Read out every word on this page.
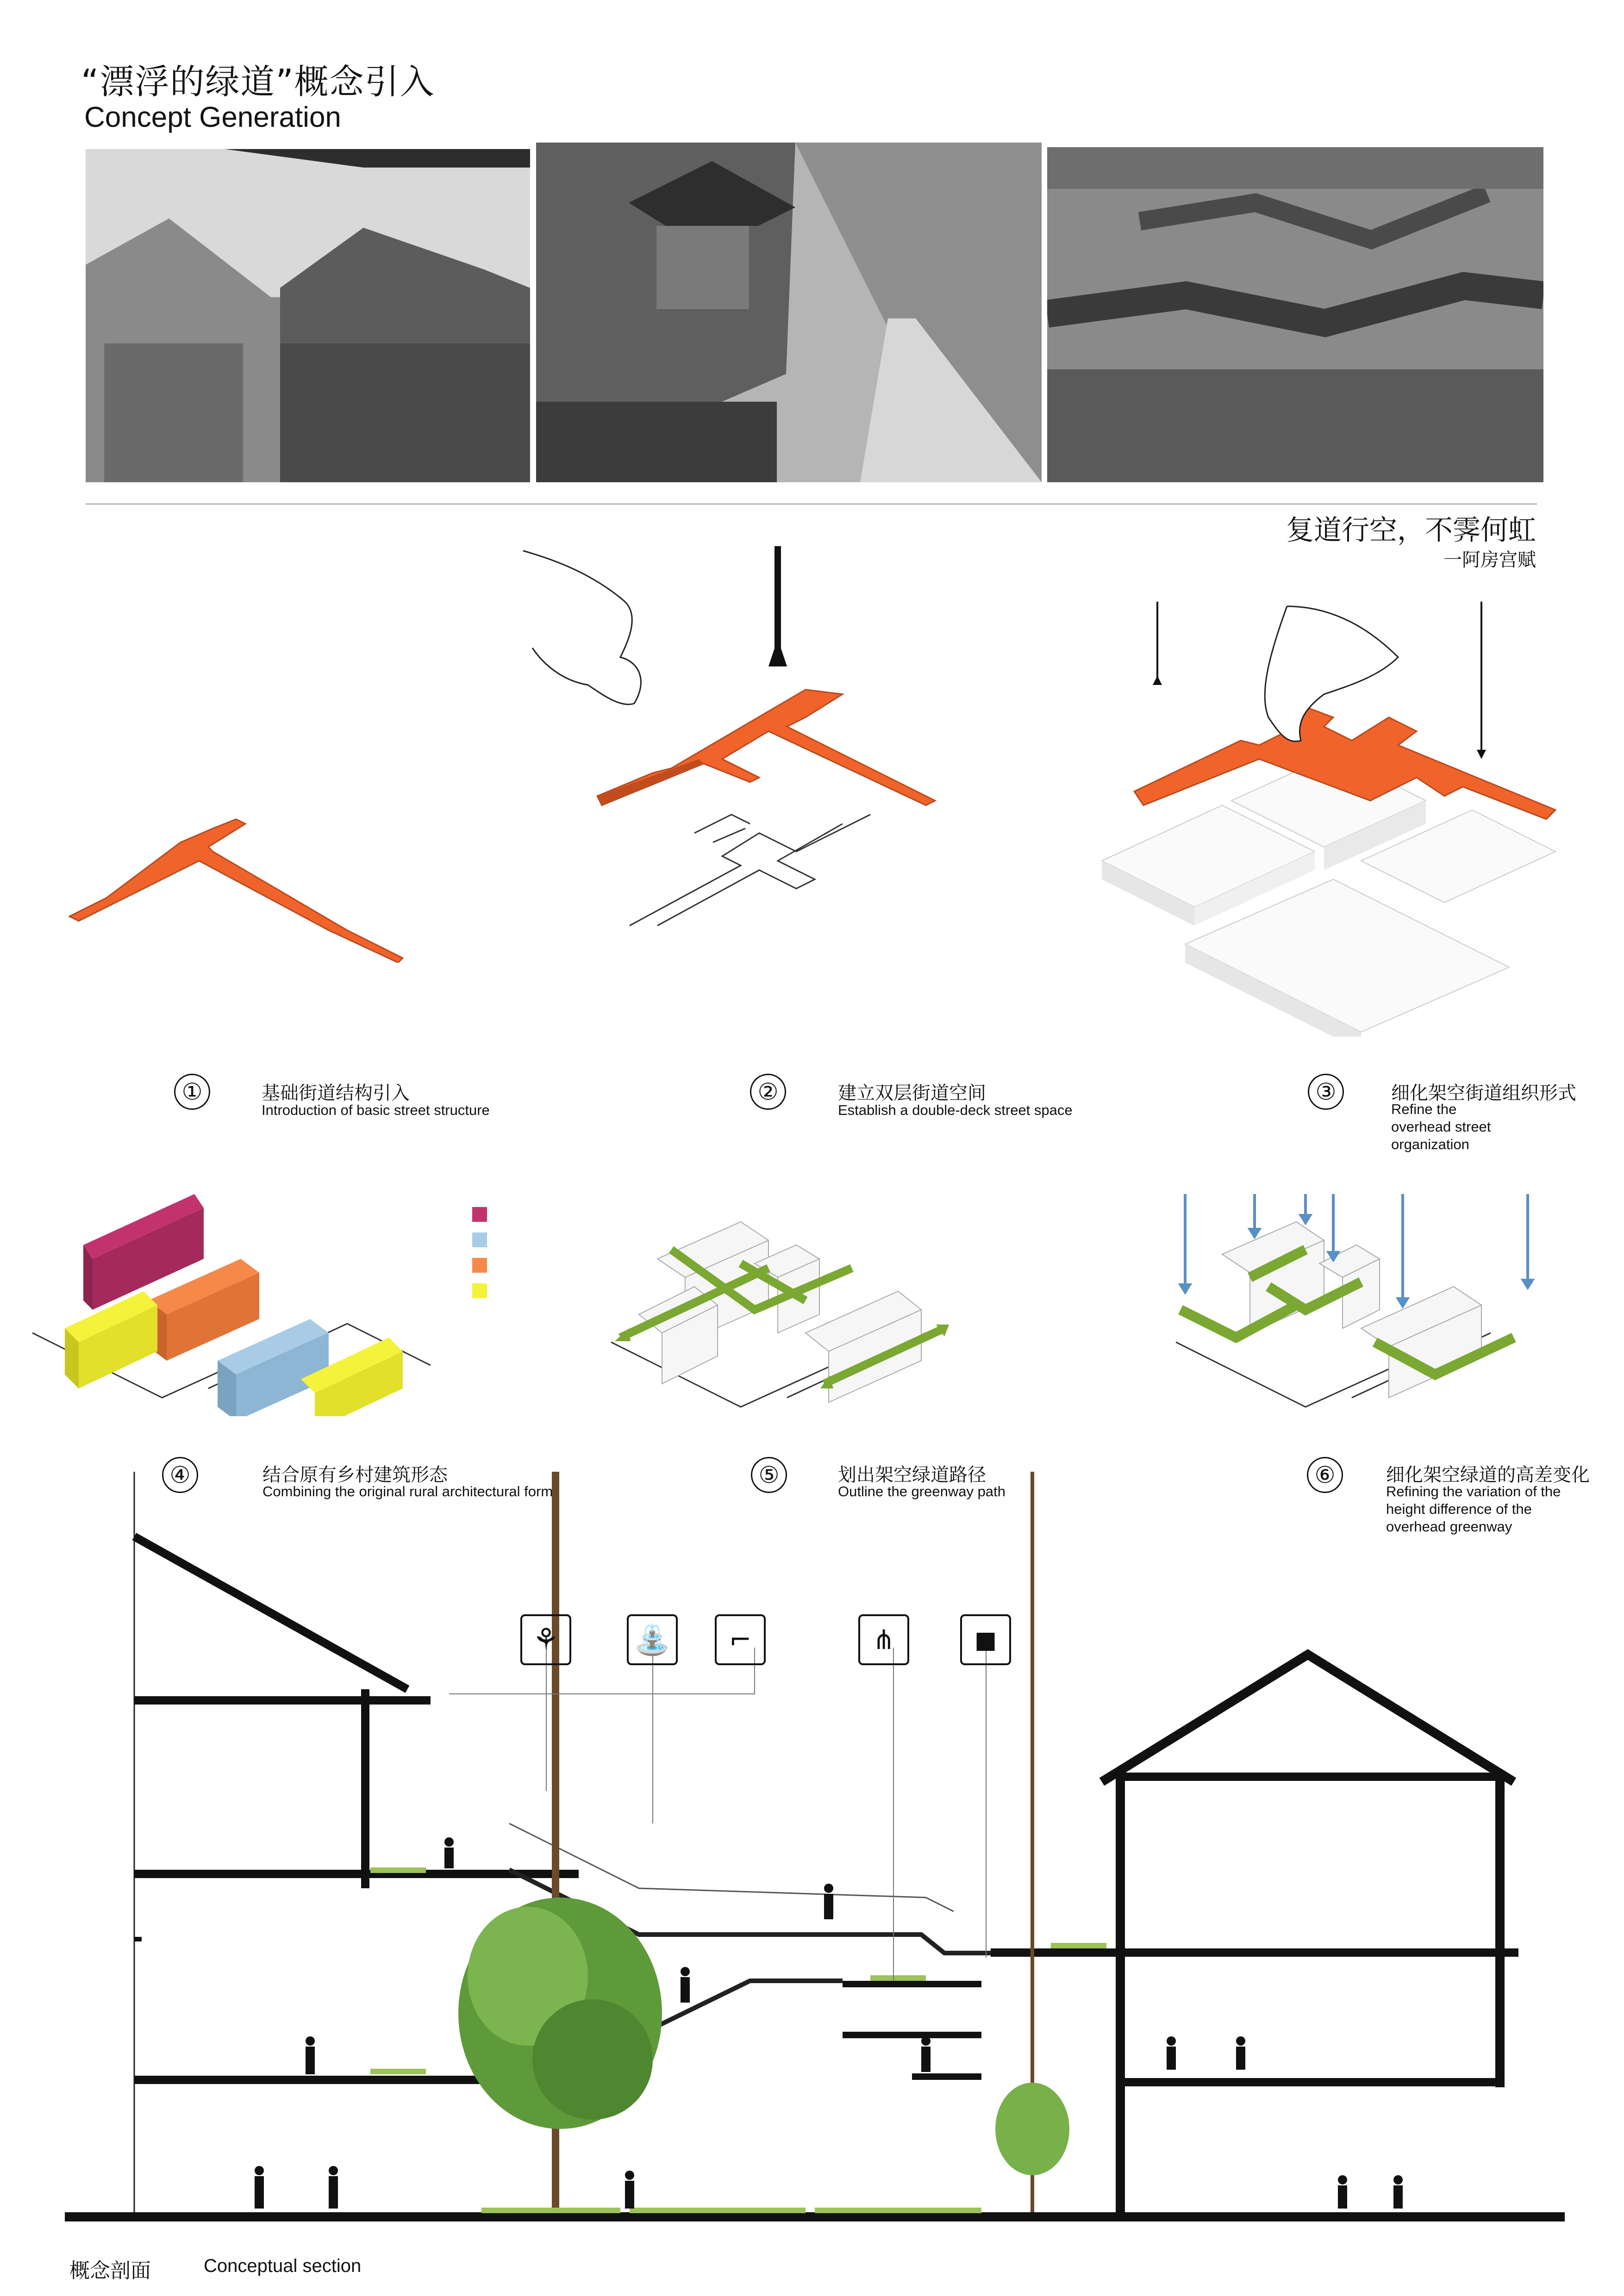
“漂浮的绿道”概念引入
Concept Generation
复道行空，不霁何虹
一阿房宫赋
①	基础街道结构引入
Introduction of basic street structure
②	建立双层街道空间
Establish a double-deck street space
③	细化架空街道组织形式
Refine the overhead street organization
④	结合原有乡村建筑形态
Combining the original rural architectural form
⑤	划出架空绿道路径
Outline the greenway path
⑥	细化架空绿道的高差变化
Refining the variation of the height difference of the overhead greenway
⚘	⛲	⌐	⋔	◼
概念剖面	Conceptual section
